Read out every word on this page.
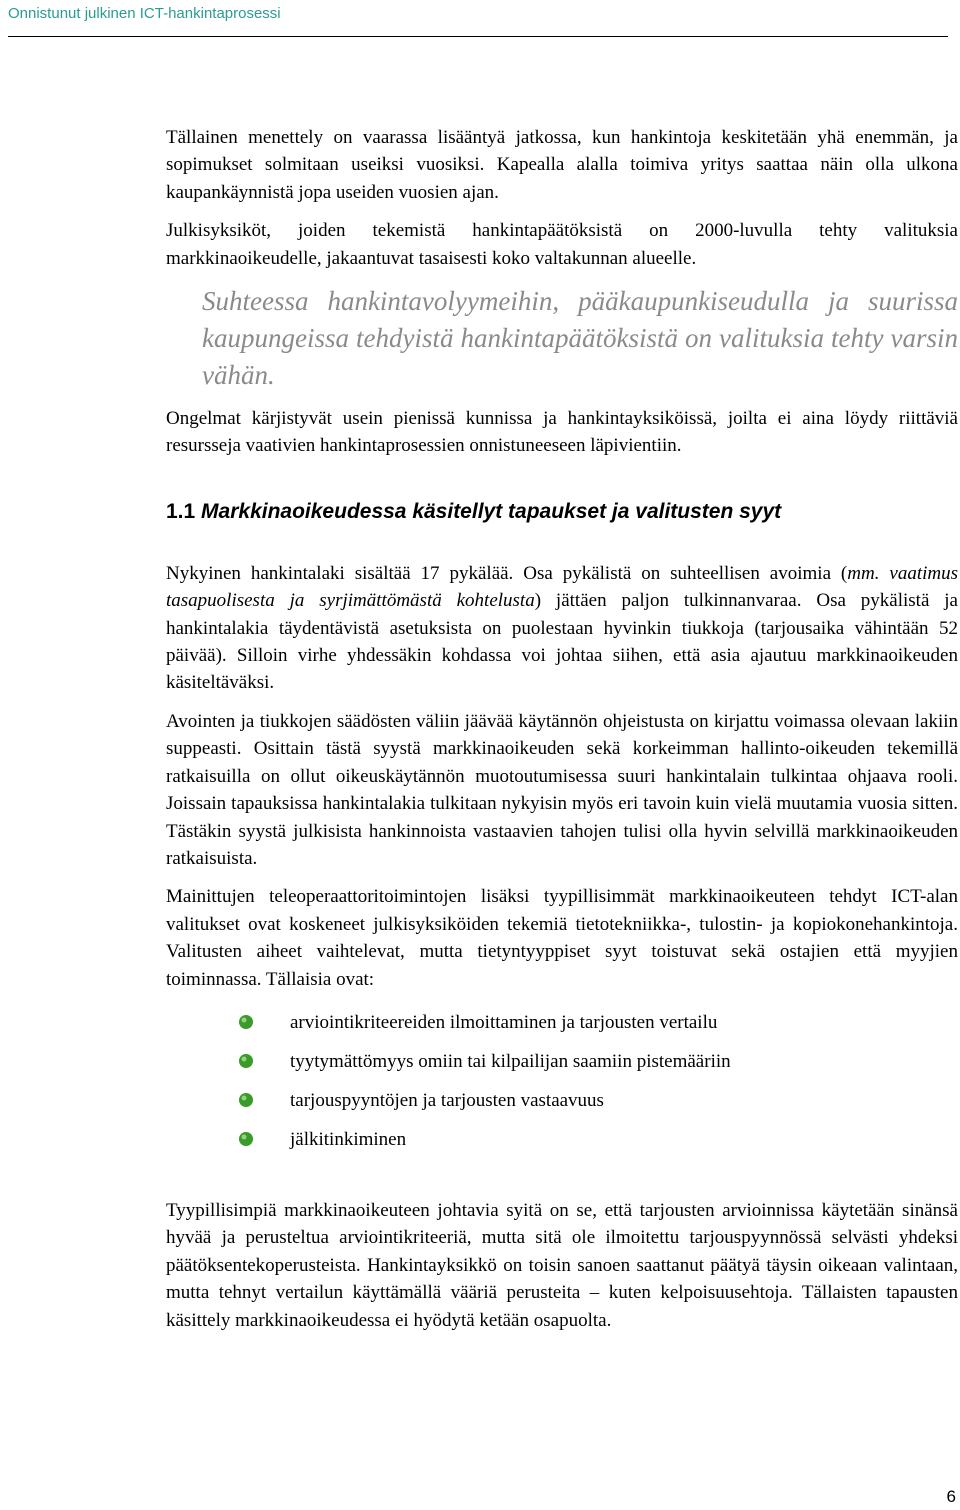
Onnistunut julkinen ICT-hankintaprosessi

Tällainen menettely on vaarassa lisääntyä jatkossa, kun hankintoja keskitetään yhä enemmän, ja sopimukset solmitaan useiksi vuosiksi. Kapealla alalla toimiva yritys saattaa näin olla ulkona kaupankäynnistä jopa useiden vuosien ajan.

Julkisyksiköt, joiden tekemistä hankintapäätöksistä on 2000-luvulla tehty valituksia markkinaoikeudelle, jakaantuvat tasaisesti koko valtakunnan alueelle.

Suhteessa hankintavolyymeihin, pääkaupunkiseudulla ja suurissa kaupungeissa tehdyistä hankintapäätöksistä on valituksia tehty varsin vähän.

Ongelmat kärjistyvät usein pienissä kunnissa ja hankintayksiköissä, joilta ei aina löydy riittäviä resursseja vaativien hankintaprosessien onnistuneeseen läpivientiin.

1.1 Markkinaoikeudessa käsitellyt tapaukset ja valitusten syyt

Nykyinen hankintalaki sisältää 17 pykälää. Osa pykälistä on suhteellisen avoimia (mm. vaatimus tasapuolisesta ja syrjimättömästä kohtelusta) jättäen paljon tulkinnanvaraa. Osa pykälistä ja hankintalakia täydentävistä asetuksista on puolestaan hyvinkin tiukkoja (tarjousaika vähintään 52 päivää). Silloin virhe yhdessäkin kohdassa voi johtaa siihen, että asia ajautuu markkinaoikeuden käsiteltäväksi.

Avointen ja tiukkojen säädösten väliin jäävää käytännön ohjeistusta on kirjattu voimassa olevaan lakiin suppeasti. Osittain tästä syystä markkinaoikeuden sekä korkeimman hallinto-oikeuden tekemillä ratkaisuilla on ollut oikeuskäytännön muotoutumisessa suuri hankintalain tulkintaa ohjaava rooli. Joissain tapauksissa hankintalakia tulkitaan nykyisin myös eri tavoin kuin vielä muutamia vuosia sitten. Tästäkin syystä julkisista hankinnoista vastaavien tahojen tulisi olla hyvin selvillä markkinaoikeuden ratkaisuista.

Mainittujen teleoperaattoritoimintojen lisäksi tyypillisimmät markkinaoikeuteen tehdyt ICT-alan valitukset ovat koskeneet julkisyksiköiden tekemiä tietotekniikka-, tulostin- ja kopiokonehankintoja. Valitusten aiheet vaihtelevat, mutta tietyntyyppiset syyt toistuvat sekä ostajien että myyjien toiminnassa. Tällaisia ovat:

arviointikriteereiden ilmoittaminen ja tarjousten vertailu
tyytymättömyys omiin tai kilpailijan saamiin pistemääriin
tarjouspyyntöjen ja tarjousten vastaavuus
jälkitinkiminen

Tyypillisimpiä markkinaoikeuteen johtavia syitä on se, että tarjousten arvioinnissa käytetään sinänsä hyvää ja perusteltua arviointikriteeriä, mutta sitä ole ilmoitettu tarjouspyynnössä selvästi yhdeksi päätöksentekoperusteista. Hankintayksikkö on toisin sanoen saattanut päätyä täysin oikeaan valintaan, mutta tehnyt vertailun käyttämällä vääriä perusteita – kuten kelpoisuusehtoja. Tällaisten tapausten käsittely markkinaoikeudessa ei hyödytä ketään osapuolta.

6
